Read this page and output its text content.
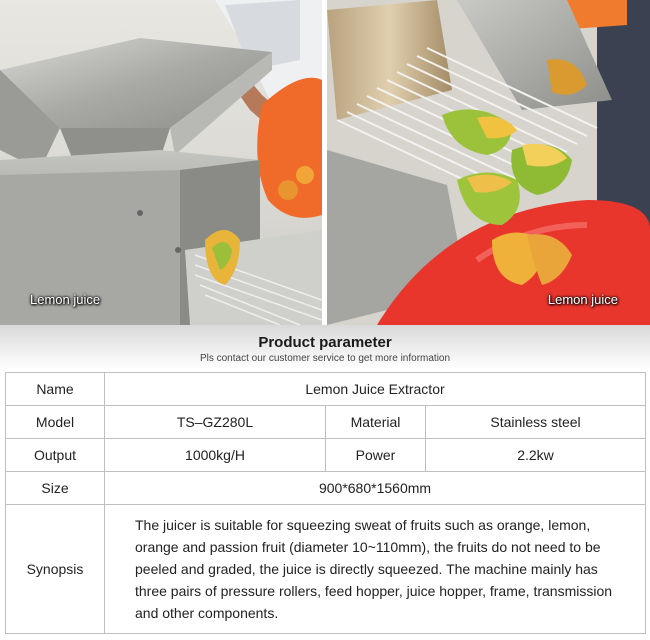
Lemon juice	Lemon juice
Product parameter
Pls contact our customer service to get more information
Name	Lemon Juice Extractor		
Model	TS–GZ280L	Material	Stainless steel
Output	1000kg/H	Power	2.2kw
Size	900*680*1560mm		
Synopsis	The juicer is suitable for squeezing sweat of fruits such as orange, lemon, orange and passion fruit (diameter 10~110mm), the fruits do not need to be peeled and graded, the juice is directly squeezed. The machine mainly has three pairs of pressure rollers, feed hopper, juice hopper, frame, transmission and other components.		
